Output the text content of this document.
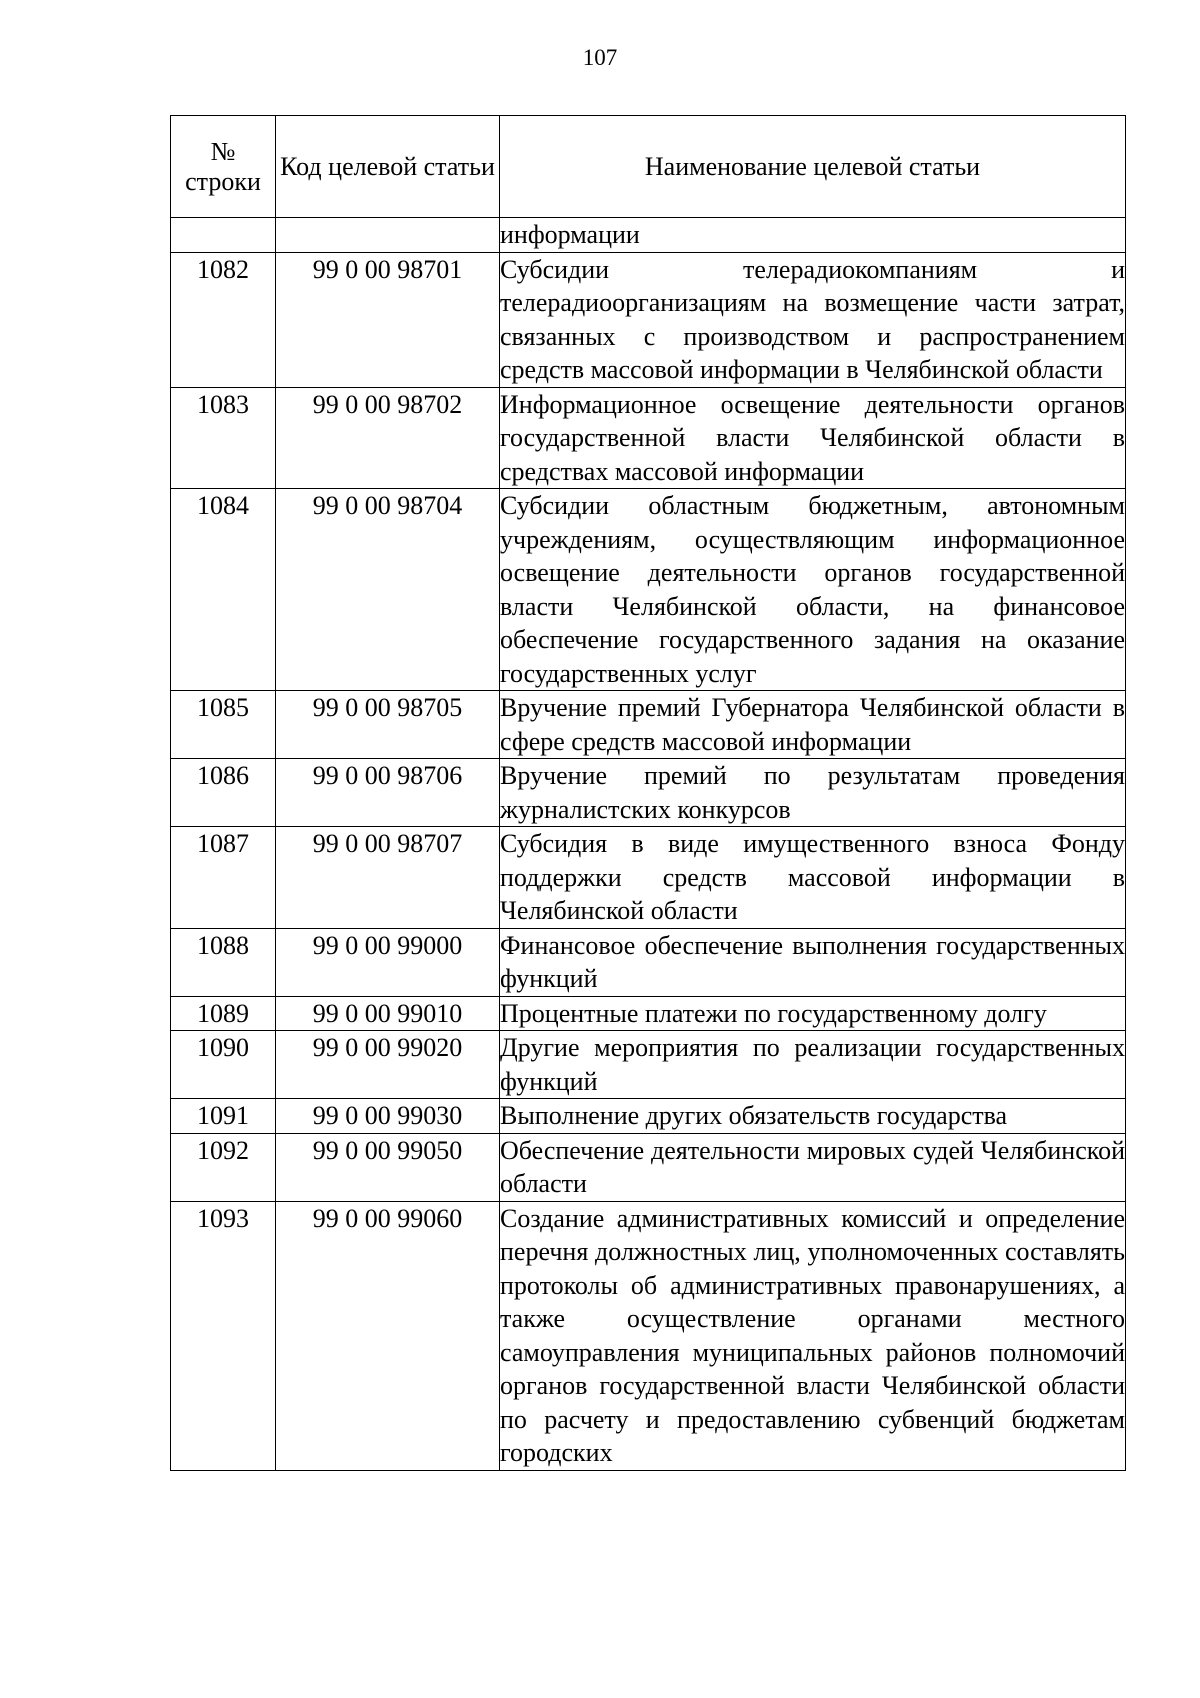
107
№ строки	Код целевой статьи	Наименование целевой статьи

		информации

1082	99 0 00 98701	Субсидии телерадиокомпаниям и телерадиоорганизациям на возмещение части затрат, связанных с производством и распространением средств массовой информации в Челябинской области

1083	99 0 00 98702	Информационное освещение деятельности органов государственной власти Челябинской области в средствах массовой информации

1084	99 0 00 98704	Субсидии областным бюджетным, автономным учреждениям, осуществляющим информационное освещение деятельности органов государственной власти Челябинской области, на финансовое обеспечение государственного задания на оказание государственных услуг

1085	99 0 00 98705	Вручение премий Губернатора Челябинской области в сфере средств массовой информации

1086	99 0 00 98706	Вручение премий по результатам проведения журналистских конкурсов

1087	99 0 00 98707	Субсидия в виде имущественного взноса Фонду поддержки средств массовой информации в Челябинской области

1088	99 0 00 99000	Финансовое обеспечение выполнения государственных функций

1089	99 0 00 99010	Процентные платежи по государственному долгу

1090	99 0 00 99020	Другие мероприятия по реализации государственных функций

1091	99 0 00 99030	Выполнение других обязательств государства

1092	99 0 00 99050	Обеспечение деятельности мировых судей Челябинской области

1093	99 0 00 99060	Создание административных комиссий и определение перечня должностных лиц, уполномоченных составлять протоколы об административных правонарушениях, а также осуществление органами местного самоуправления муниципальных районов полномочий органов государственной власти Челябинской области по расчету и предоставлению субвенций бюджетам городских
